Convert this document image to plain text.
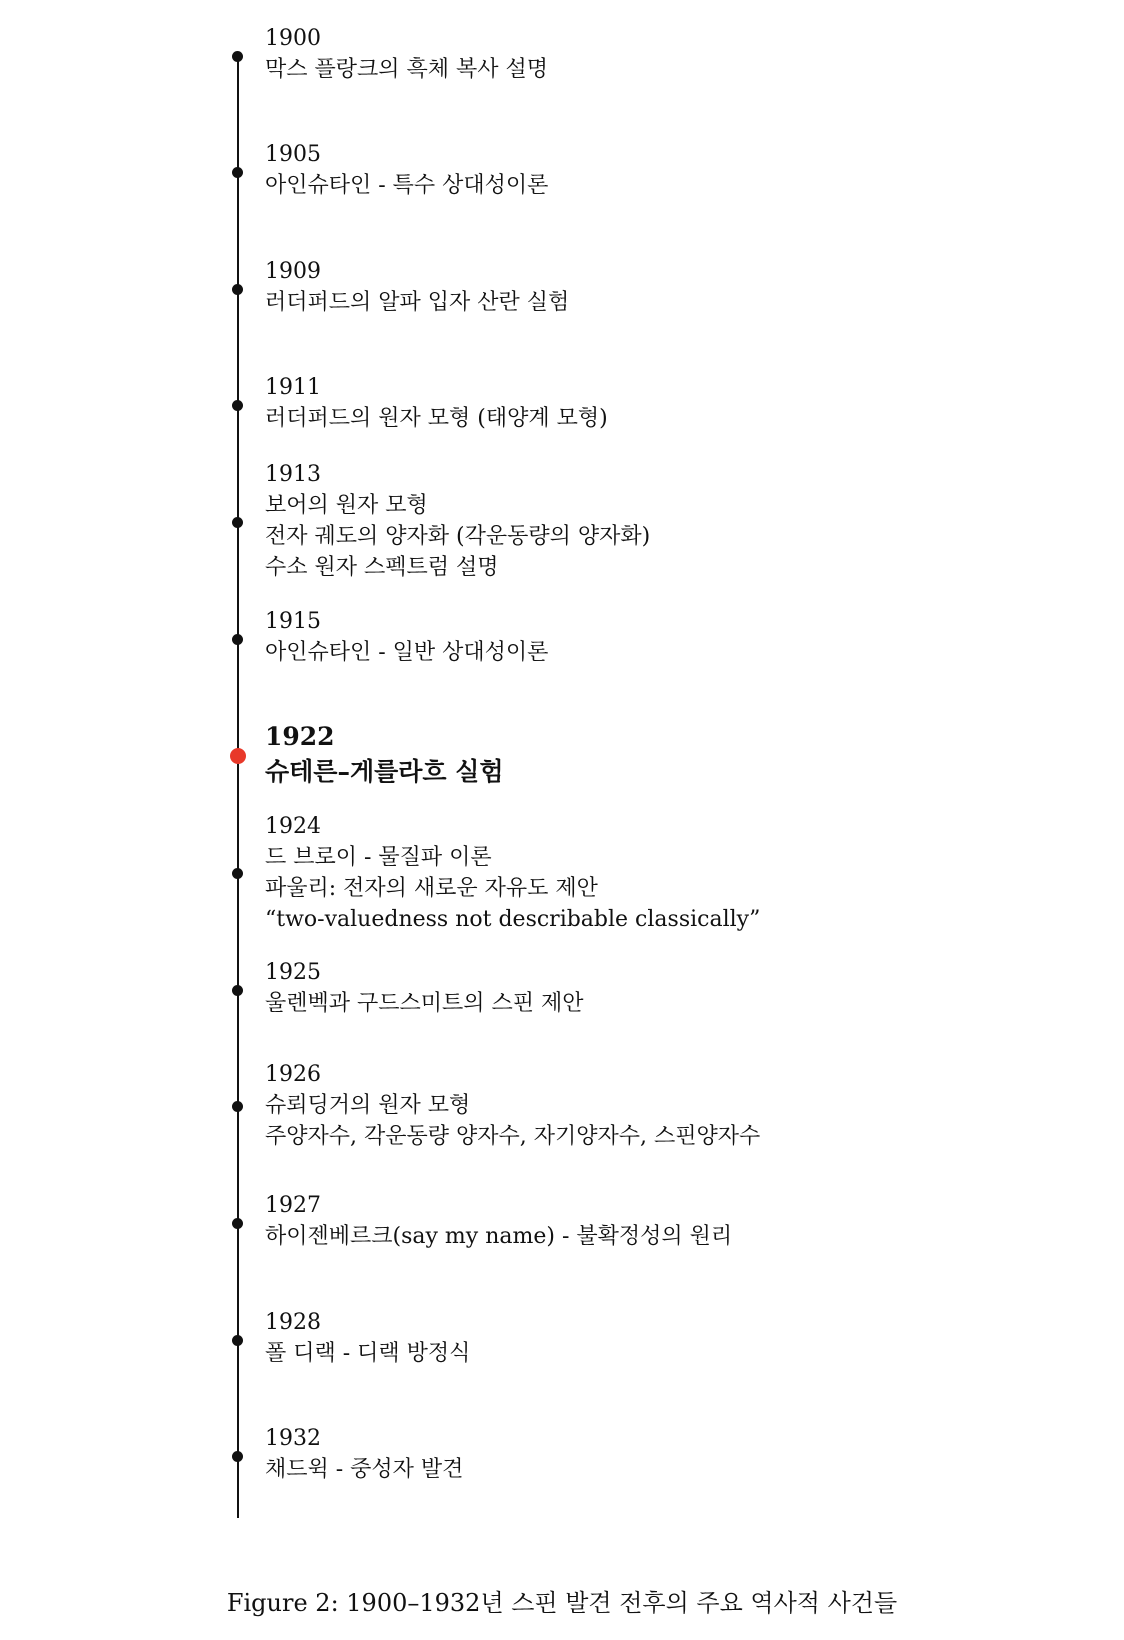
1900
막스 플랑크의 흑체 복사 설명
1905
아인슈타인 - 특수 상대성이론
1909
러더퍼드의 알파 입자 산란 실험
1911
러더퍼드의 원자 모형 (태양계 모형)
1913
보어의 원자 모형
전자 궤도의 양자화 (각운동량의 양자화)
수소 원자 스펙트럼 설명
1915
아인슈타인 - 일반 상대성이론
1922
슈테른–게를라흐 실험
1924
드 브로이 - 물질파 이론
파울리: 전자의 새로운 자유도 제안
“two-valuedness not describable classically”
1925
울렌벡과 구드스미트의 스핀 제안
1926
슈뢰딩거의 원자 모형
주양자수, 각운동량 양자수, 자기양자수, 스핀양자수
1927
하이젠베르크(say my name) - 불확정성의 원리
1928
폴 디랙 - 디랙 방정식
1932
채드윅 - 중성자 발견
Figure 2: 1900–1932년 스핀 발견 전후의 주요 역사적 사건들
